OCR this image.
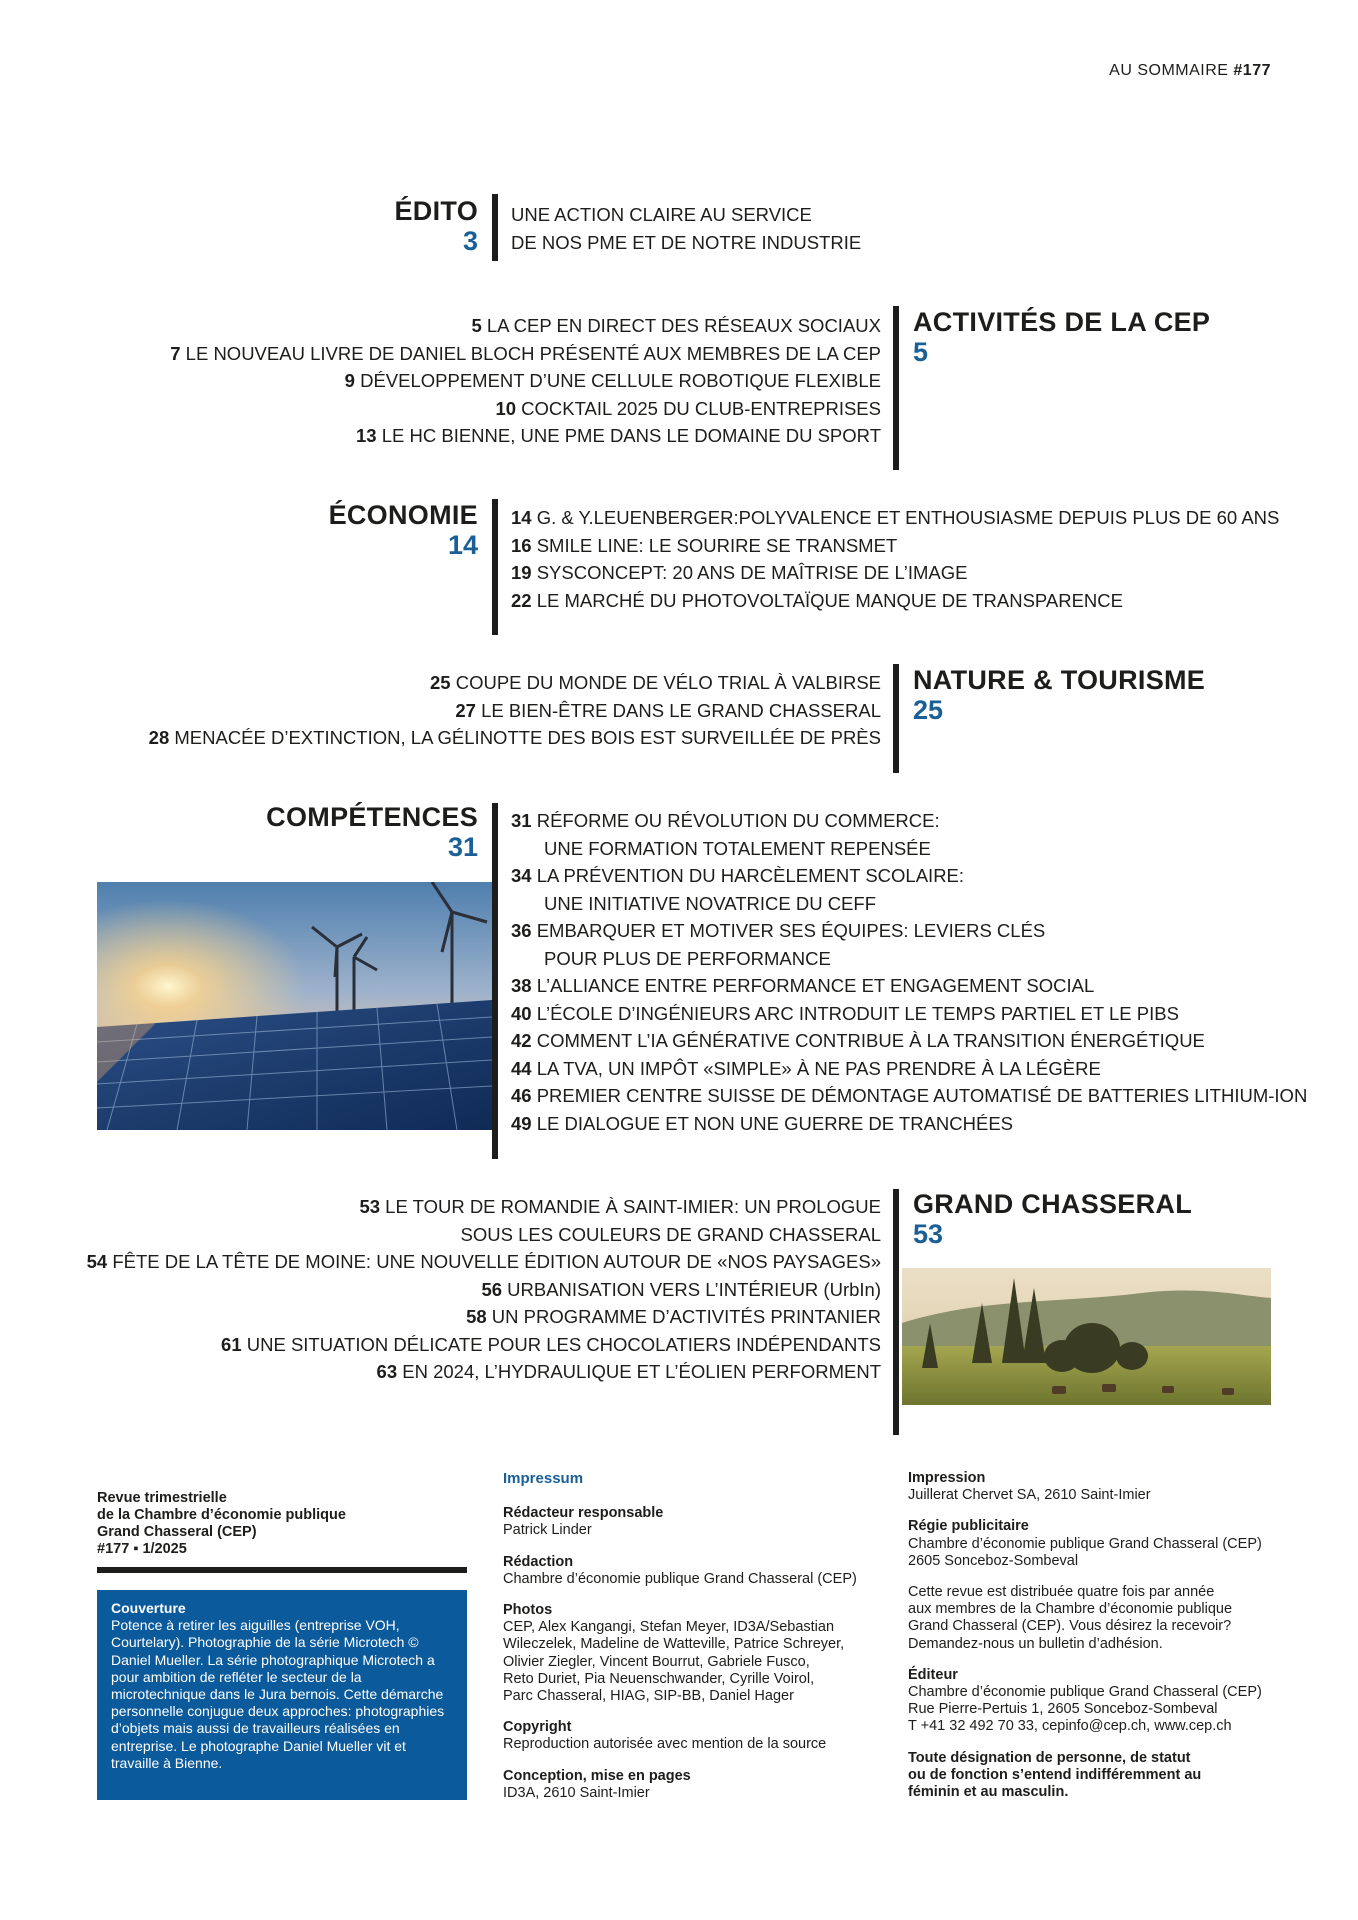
AU SOMMAIRE #177
ÉDITO
3
UNE ACTION CLAIRE AU SERVICE
DE NOS PME ET DE NOTRE INDUSTRIE
5 LA CEP EN DIRECT DES RÉSEAUX SOCIAUX
7 LE NOUVEAU LIVRE DE DANIEL BLOCH PRÉSENTÉ AUX MEMBRES DE LA CEP
9 DÉVELOPPEMENT D’UNE CELLULE ROBOTIQUE FLEXIBLE
10 COCKTAIL 2025 DU CLUB-ENTREPRISES
13 LE HC BIENNE, UNE PME DANS LE DOMAINE DU SPORT
ACTIVITÉS DE LA CEP
5
ÉCONOMIE
14
14 G. & Y.LEUENBERGER:POLYVALENCE ET ENTHOUSIASME DEPUIS PLUS DE 60 ANS
16 SMILE LINE: LE SOURIRE SE TRANSMET
19 SYSCONCEPT: 20 ANS DE MAÎTRISE DE L’IMAGE
22 LE MARCHÉ DU PHOTOVOLTAÏQUE MANQUE DE TRANSPARENCE
25 COUPE DU MONDE DE VÉLO TRIAL À VALBIRSE
27 LE BIEN-ÊTRE DANS LE GRAND CHASSERAL
28 MENACÉE D’EXTINCTION, LA GÉLINOTTE DES BOIS EST SURVEILLÉE DE PRÈS
NATURE & TOURISME
25
COMPÉTENCES
31
31 RÉFORME OU RÉVOLUTION DU COMMERCE:
UNE FORMATION TOTALEMENT REPENSÉE
34 LA PRÉVENTION DU HARCÈLEMENT SCOLAIRE:
UNE INITIATIVE NOVATRICE DU CEFF
36 EMBARQUER ET MOTIVER SES ÉQUIPES: LEVIERS CLÉS
POUR PLUS DE PERFORMANCE
38 L’ALLIANCE ENTRE PERFORMANCE ET ENGAGEMENT SOCIAL
40 L’ÉCOLE D’INGÉNIEURS ARC INTRODUIT LE TEMPS PARTIEL ET LE PIBS
42 COMMENT L’IA GÉNÉRATIVE CONTRIBUE À LA TRANSITION ÉNERGÉTIQUE
44 LA TVA, UN IMPÔT «SIMPLE» À NE PAS PRENDRE À LA LÉGÈRE
46 PREMIER CENTRE SUISSE DE DÉMONTAGE AUTOMATISÉ DE BATTERIES LITHIUM-ION
49 LE DIALOGUE ET NON UNE GUERRE DE TRANCHÉES
53 LE TOUR DE ROMANDIE À SAINT-IMIER: UN PROLOGUE
SOUS LES COULEURS DE GRAND CHASSERAL
54 FÊTE DE LA TÊTE DE MOINE: UNE NOUVELLE ÉDITION AUTOUR DE «NOS PAYSAGES»
56 URBANISATION VERS L’INTÉRIEUR (UrbIn)
58 UN PROGRAMME D’ACTIVITÉS PRINTANIER
61 UNE SITUATION DÉLICATE POUR LES CHOCOLATIERS INDÉPENDANTS
63 EN 2024, L’HYDRAULIQUE ET L’ÉOLIEN PERFORMENT
GRAND CHASSERAL
53
Revue trimestrielle
de la Chambre d’économie publique
Grand Chasseral (CEP)
#177 ▪ 1/2025
Couverture
Potence à retirer les aiguilles (entreprise VOH, Courtelary). Photographie de la série Microtech © Daniel Mueller. La série photographique Microtech a pour ambition de refléter le secteur de la microtechnique dans le Jura bernois. Cette démarche personnelle conjugue deux approches: photographies d’objets mais aussi de travailleurs réalisées en entreprise. Le photographe Daniel Mueller vit et travaille à Bienne.
Impressum
Rédacteur responsable
Patrick Linder
Rédaction
Chambre d’économie publique Grand Chasseral (CEP)
Photos
CEP, Alex Kangangi, Stefan Meyer, ID3A/Sebastian
Wileczelek, Madeline de Watteville, Patrice Schreyer,
Olivier Ziegler, Vincent Bourrut, Gabriele Fusco,
Reto Duriet, Pia Neuenschwander, Cyrille Voirol,
Parc Chasseral, HIAG, SIP-BB, Daniel Hager
Copyright
Reproduction autorisée avec mention de la source
Conception, mise en pages
ID3A, 2610 Saint-Imier
Impression
Juillerat Chervet SA, 2610 Saint-Imier
Régie publicitaire
Chambre d’économie publique Grand Chasseral (CEP)
2605 Sonceboz-Sombeval
Cette revue est distribuée quatre fois par année
aux membres de la Chambre d’économie publique
Grand Chasseral (CEP). Vous désirez la recevoir?
Demandez-nous un bulletin d’adhésion.
Éditeur
Chambre d’économie publique Grand Chasseral (CEP)
Rue Pierre-Pertuis 1, 2605 Sonceboz-Sombeval
T +41 32 492 70 33, cepinfo@cep.ch, www.cep.ch
Toute désignation de personne, de statut
ou de fonction s’entend indifféremment au
féminin et au masculin.
